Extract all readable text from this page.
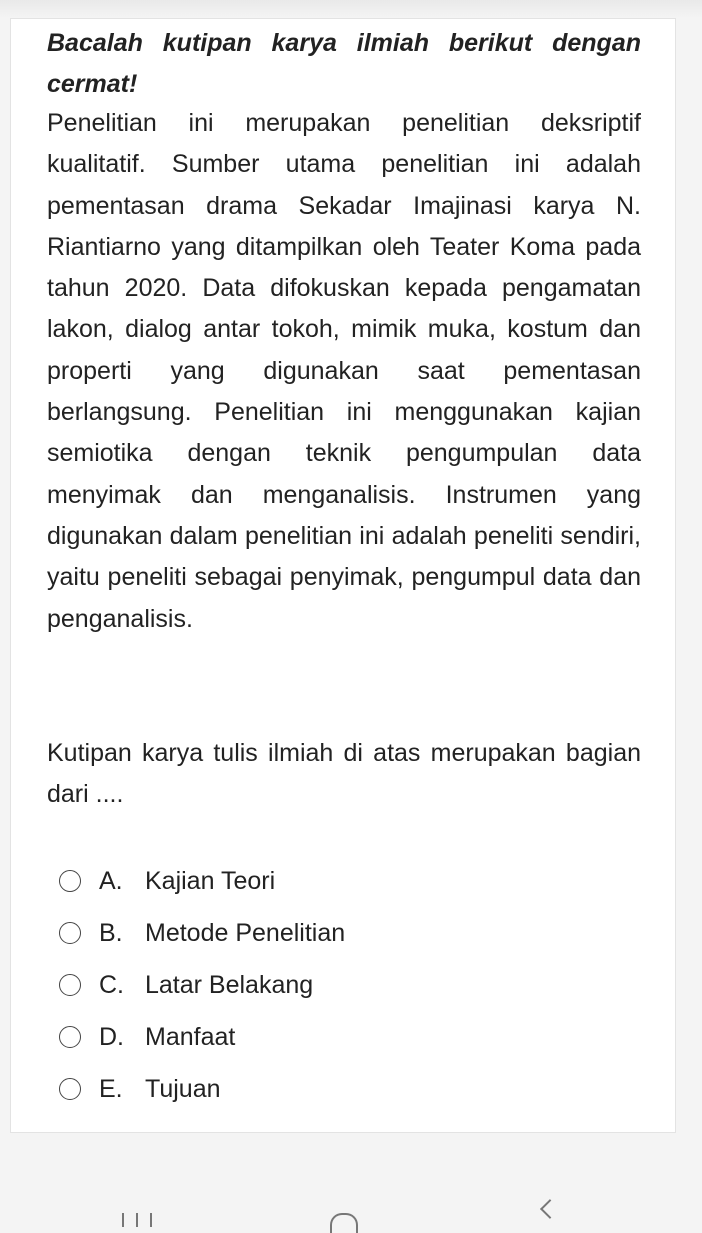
Bacalah kutipan karya ilmiah berikut dengan cermat!

Penelitian ini merupakan penelitian deksriptif kualitatif. Sumber utama penelitian ini adalah pementasan drama Sekadar Imajinasi karya N. Riantiarno yang ditampilkan oleh Teater Koma pada tahun 2020. Data difokuskan kepada pengamatan lakon, dialog antar tokoh, mimik muka, kostum dan properti yang digunakan saat pementasan berlangsung. Penelitian ini menggunakan kajian semiotika dengan teknik pengumpulan data menyimak dan menganalisis. Instrumen yang digunakan dalam penelitian ini adalah peneliti sendiri, yaitu peneliti sebagai penyimak, pengumpul data dan penganalisis.

Kutipan karya tulis ilmiah di atas merupakan bagian dari ....

A. Kajian Teori
B. Metode Penelitian
C. Latar Belakang
D. Manfaat
E. Tujuan
